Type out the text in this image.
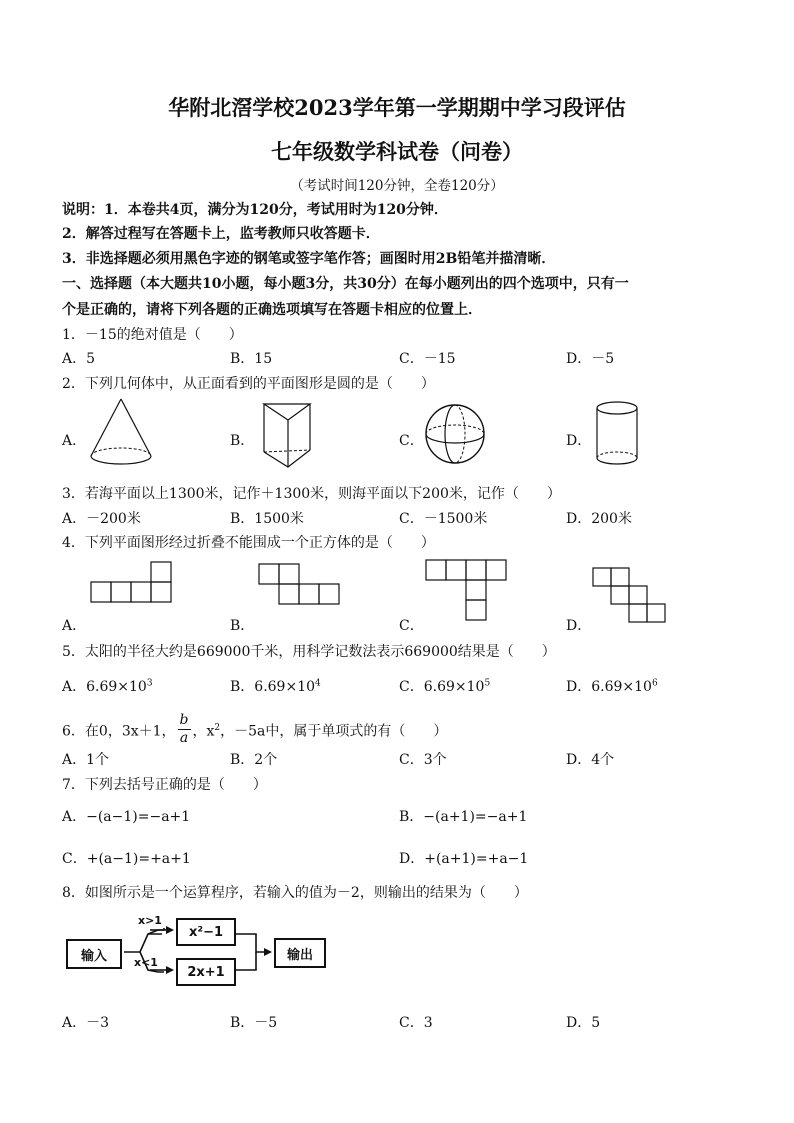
华附北滘学校2023学年第一学期期中学习段评估
七年级数学科试卷（问卷）
（考试时间120分钟，全卷120分）
说明：1．本卷共4页，满分为120分，考试用时为120分钟．
2．解答过程写在答题卡上，监考教师只收答题卡．
3．非选择题必须用黑色字迹的钢笔或签字笔作答；画图时用2B铅笔并描清晰．
一、选择题（本大题共10小题，每小题3分，共30分）在每小题列出的四个选项中，只有一
个是正确的，请将下列各题的正确选项填写在答题卡相应的位置上．
1．－15的绝对值是（　　）
A．5	B．15	C．－15	D．－5
2．下列几何体中，从正面看到的平面图形是圆的是（　　）
A．	B．	C．	D．
3．若海平面以上1300米，记作＋1300米，则海平面以下200米，记作（　　）
A．－200米	B．1500米	C．－1500米	D．200米
4．下列平面图形经过折叠不能围成一个正方体的是（　　）
A．	B．	C．	D．
5．太阳的半径大约是669000千米，用科学记数法表示669000结果是（　　）
A．$6.69\times 10^3$	B．$6.69\times 10^4$	C．$6.69\times 10^5$	D．$6.69\times 10^6$
6．在0，3x＋1， $\frac{b}{a}$ ，$x^2$，－5a中，属于单项式的有（　　）
A．1个	B．2个	C．3个	D．4个
7．下列去括号正确的是（　　）
A．−(a−1)=−a+1	B．−(a+1)=−a+1
C．+(a−1)=+a+1	D．+(a+1)=+a−1
8．如图所示是一个运算程序，若输入的值为－2，则输出的结果为（　　）
输入
x>1
x<1
x²−1
2x+1
输出
A．－3	B．－5	C．3	D．5
